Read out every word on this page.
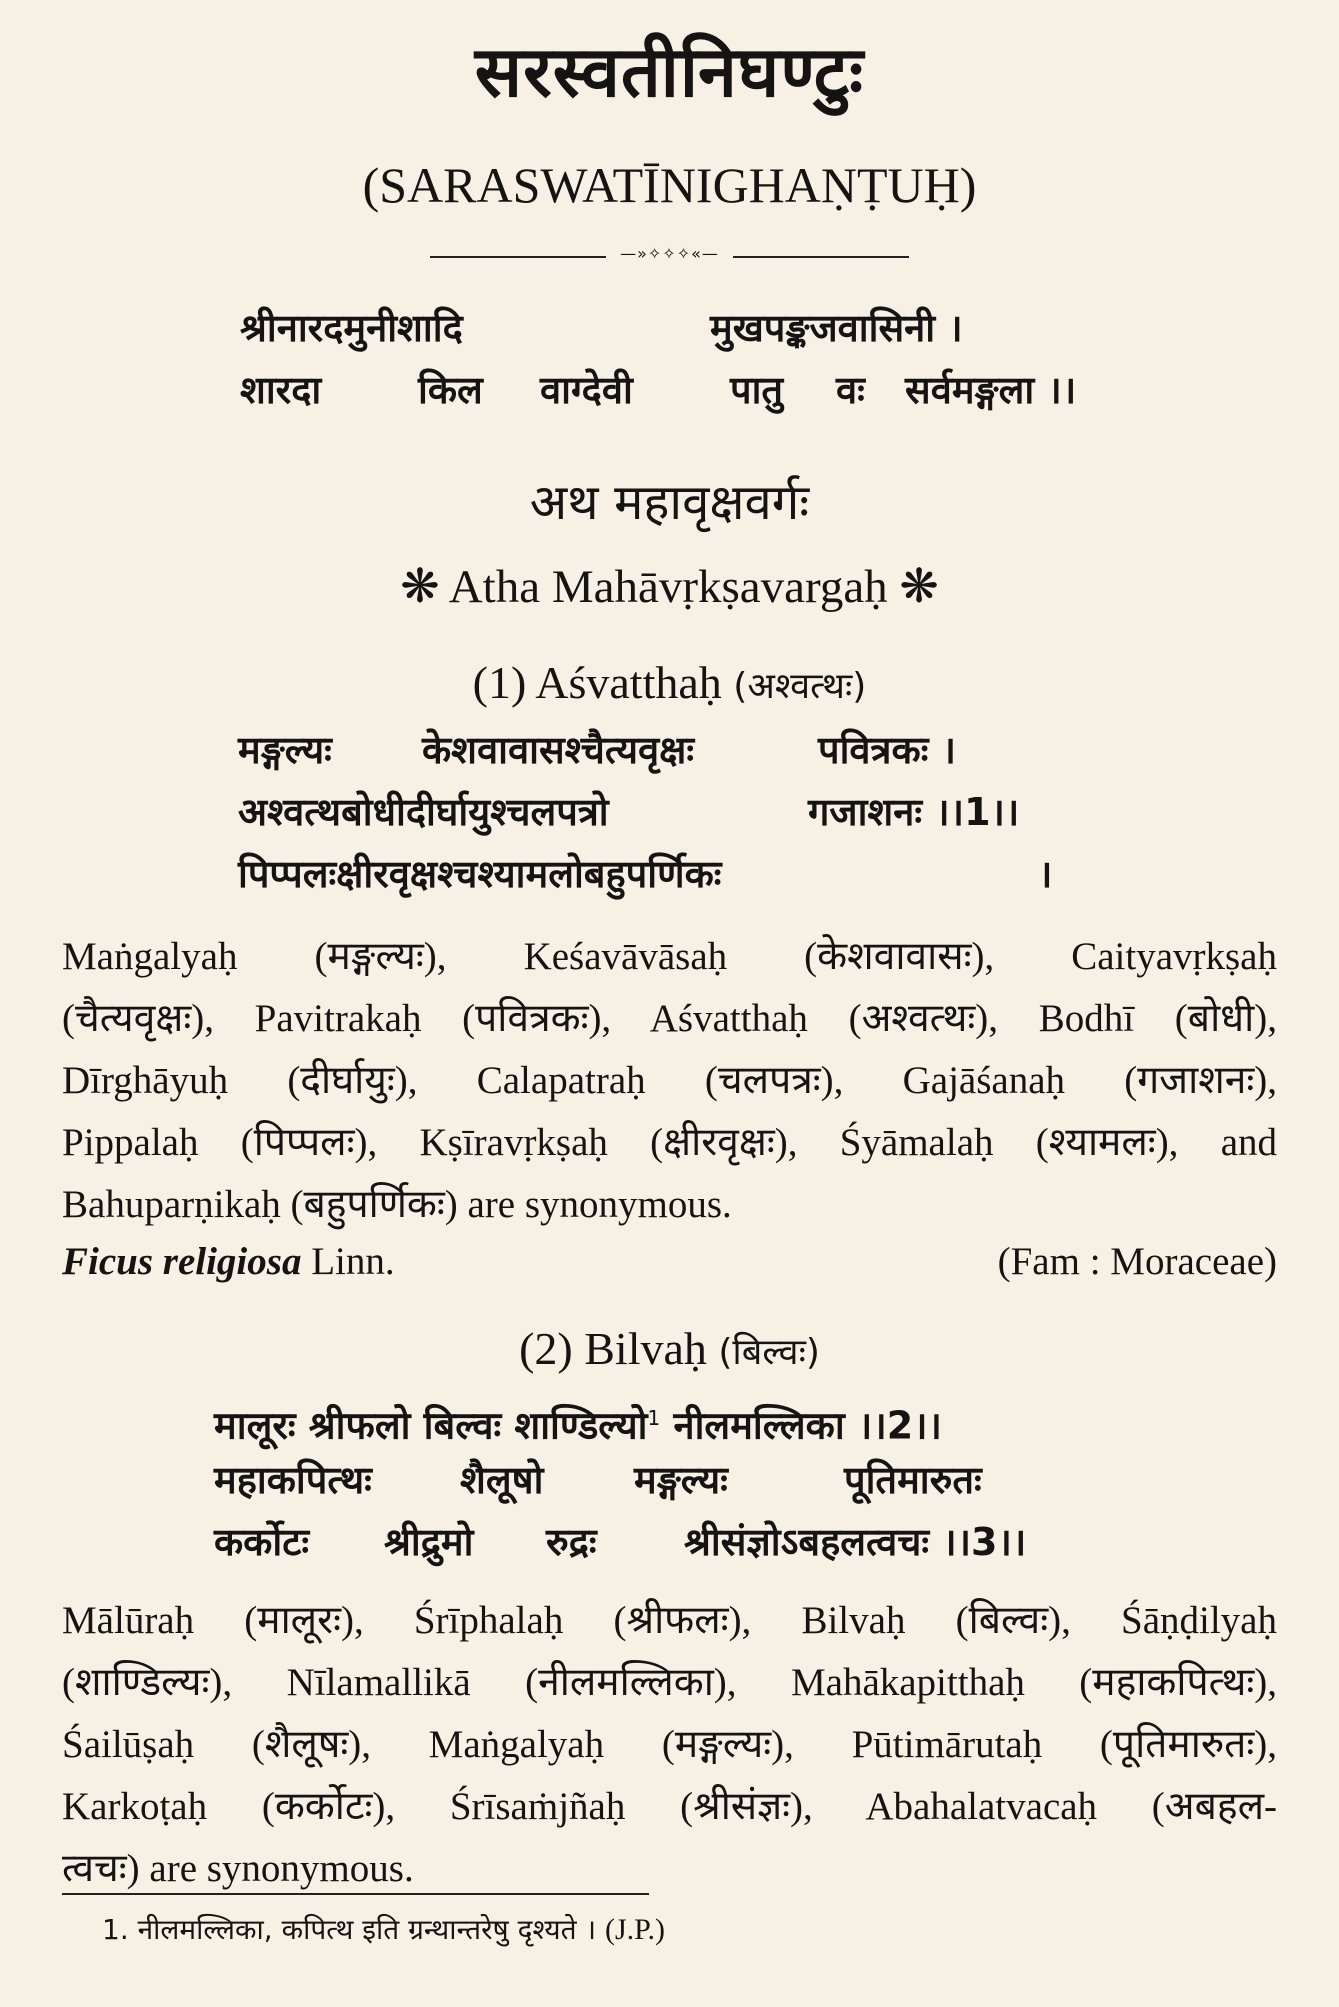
सरस्वतीनिघण्टुः
(SARASWATĪNIGHAṆṬUḤ)
—»✧✧✧«—
श्रीनारदमुनीशादि	मुखपङ्कजवासिनी ।
शारदा	किल वाग्देवी	पातु वः सर्वमङ्गला ।।
अथ महावृक्षवर्गः
❋ Atha Mahāvṛkṣavargaḥ ❋
(1) Aśvatthaḥ (अश्वत्थः)
मङ्गल्यः केशवावासश्चैत्यवृक्षः	पवित्रकः ।
अश्वत्थबोधीदीर्घायुश्चलपत्रो	गजाशनः ।।1।।
पिप्पलःक्षीरवृक्षश्चश्यामलोबहुपर्णिकः	।
Maṅgalyaḥ (मङ्गल्यः), Keśavāvāsaḥ (केशवावासः), Caityavṛkṣaḥ
(चैत्यवृक्षः), Pavitrakaḥ (पवित्रकः), Aśvatthaḥ (अश्वत्थः), Bodhī (बोधी),
Dīrghāyuḥ (दीर्घायुः), Calapatraḥ (चलपत्रः), Gajāśanaḥ (गजाशनः),
Pippalaḥ (पिप्पलः), Kṣīravṛkṣaḥ (क्षीरवृक्षः), Śyāmalaḥ (श्यामलः), and
Bahuparṇikaḥ (बहुपर्णिकः) are synonymous.
Ficus religiosa Linn.	(Fam : Moraceae)
(2) Bilvaḥ (बिल्वः)
मालूरः श्रीफलो बिल्वः शाण्डिल्यो$^1$ नीलमल्लिका ।।2।।
महाकपित्थः शैलूषो मङ्गल्यः	पूतिमारुतः
कर्कोटः श्रीद्रुमो रुद्रः श्रीसंज्ञोऽबहलत्वचः ।।3।।
Mālūraḥ (मालूरः), Śrīphalaḥ (श्रीफलः), Bilvaḥ (बिल्वः), Śāṇḍilyaḥ
(शाण्डिल्यः), Nīlamallikā (नीलमल्लिका), Mahākapitthaḥ (महाकपित्थः),
Śailūṣaḥ (शैलूषः), Maṅgalyaḥ (मङ्गल्यः), Pūtimārutaḥ (पूतिमारुतः),
Karkoṭaḥ (कर्कोटः), Śrīsaṁjñaḥ (श्रीसंज्ञः), Abahalatvacaḥ (अबहल-
त्वचः) are synonymous.
1. नीलमल्लिका, कपित्थ इति ग्रन्थान्तरेषु दृश्यते । (J.P.)
